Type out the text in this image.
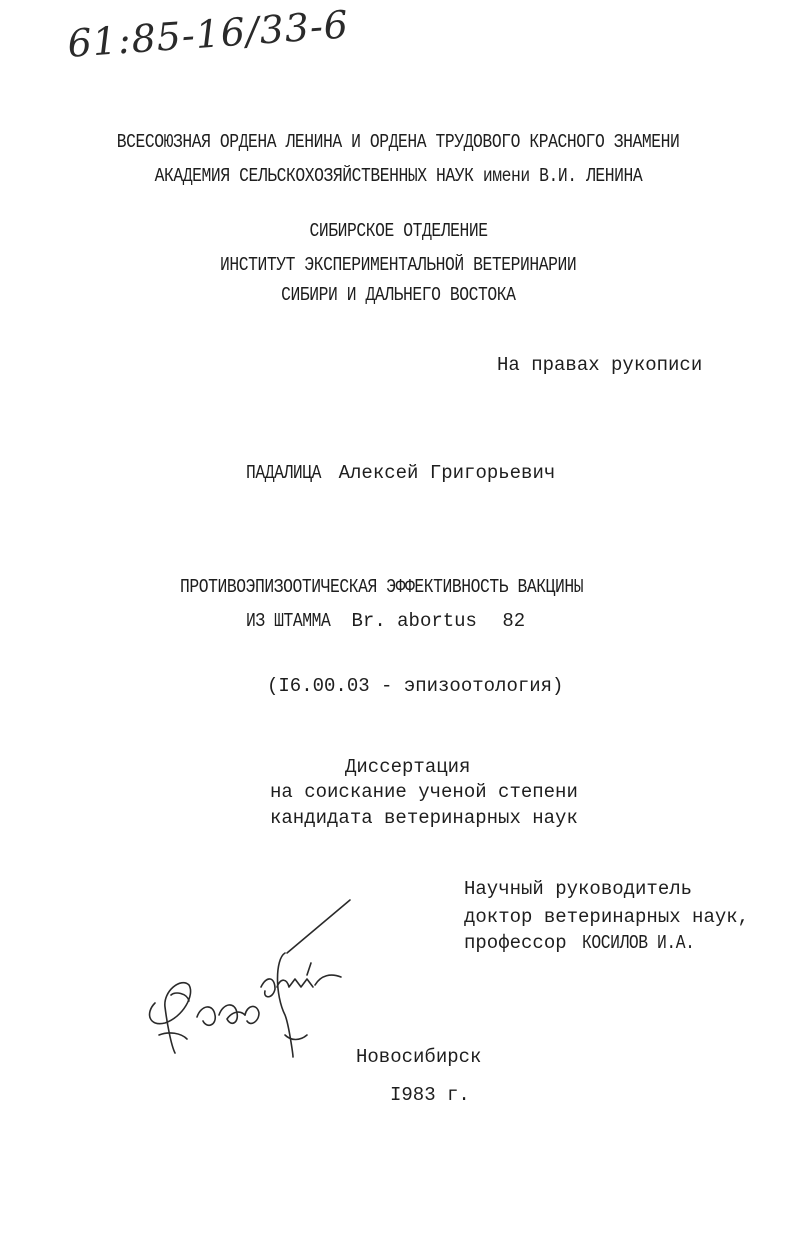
61:85-16/33-6
ВСЕСОЮЗНАЯ ОРДЕНА ЛЕНИНА И ОРДЕНА ТРУДОВОГО КРАСНОГО ЗНАМЕНИ
АКАДЕМИЯ СЕЛЬСКОХОЗЯЙСТВЕННЫХ НАУК имени В.И. ЛЕНИНА
СИБИРСКОЕ ОТДЕЛЕНИЕ
ИНСТИТУТ ЭКСПЕРИМЕНТАЛЬНОЙ ВЕТЕРИНАРИИ
СИБИРИ И ДАЛЬНЕГО ВОСТОКА
На правах рукописи
ПАДАЛИЦА Алексей Григорьевич
ПРОТИВОЭПИЗООТИЧЕСКАЯ ЭФФЕКТИВНОСТЬ ВАКЦИНЫ
ИЗ ШТАММА Br. abortus 82
(I6.00.03 - эпизоотология)
Диссертация
на соискание ученой степени
кандидата ветеринарных наук
Научный руководитель
доктор ветеринарных наук,
профессор КОСИЛОВ И.А.
Новосибирск
I983 г.
